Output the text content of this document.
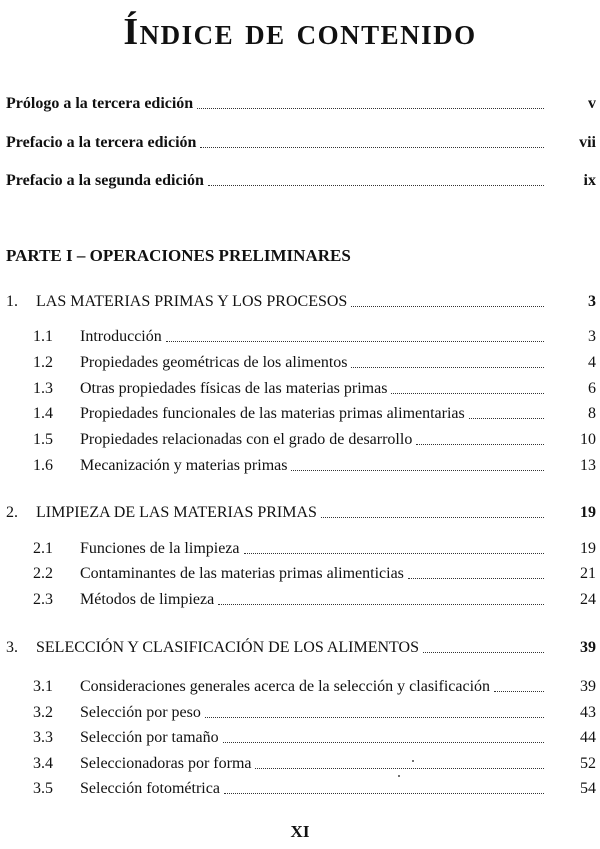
Índice de contenido
Prólogo a la tercera edición	v
Prefacio a la tercera edición	vii
Prefacio a la segunda edición	ix
PARTE I – OPERACIONES PRELIMINARES
1. LAS MATERIAS PRIMAS Y LOS PROCESOS	3
1.1 Introducción	3
1.2 Propiedades geométricas de los alimentos	4
1.3 Otras propiedades físicas de las materias primas	6
1.4 Propiedades funcionales de las materias primas alimentarias	8
1.5 Propiedades relacionadas con el grado de desarrollo	10
1.6 Mecanización y materias primas	13
2. LIMPIEZA DE LAS MATERIAS PRIMAS	19
2.1 Funciones de la limpieza	19
2.2 Contaminantes de las materias primas alimenticias	21
2.3 Métodos de limpieza	24
3. SELECCIÓN Y CLASIFICACIÓN DE LOS ALIMENTOS	39
3.1 Consideraciones generales acerca de la selección y clasificación	39
3.2 Selección por peso	43
3.3 Selección por tamaño	44
3.4 Seleccionadoras por forma	52
3.5 Selección fotométrica	54
XI
